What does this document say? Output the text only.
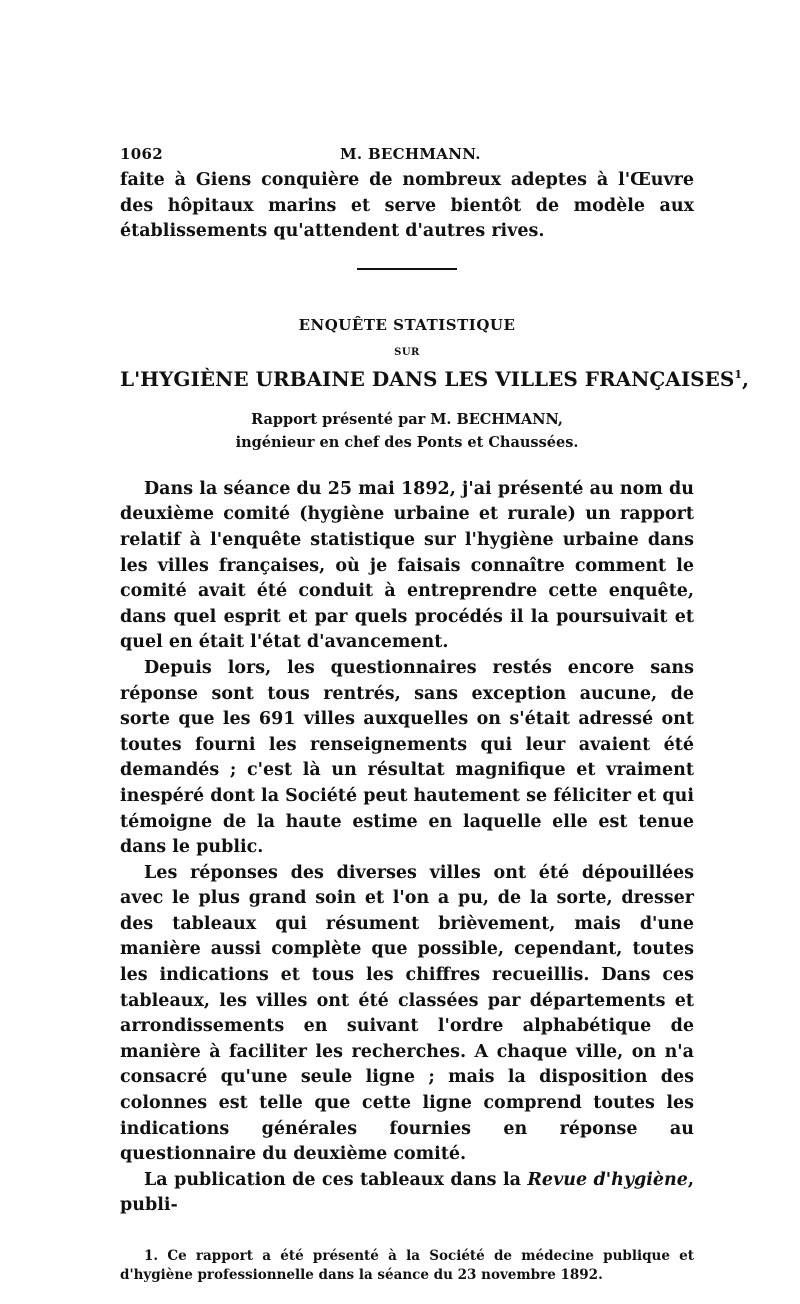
1062	M. BECHMANN.

faite à Giens conquière de nombreux adeptes à l'Œuvre des hôpitaux marins et serve bientôt de modèle aux établissements qu'attendent d'autres rives.

ENQUÊTE STATISTIQUE
SUR
L'HYGIÈNE URBAINE DANS LES VILLES FRANÇAISES$^1$,
Rapport présenté par M. BECHMANN,
ingénieur en chef des Ponts et Chaussées.

Dans la séance du 25 mai 1892, j'ai présenté au nom du deuxième comité (hygiène urbaine et rurale) un rapport relatif à l'enquête statistique sur l'hygiène urbaine dans les villes françaises, où je faisais connaître comment le comité avait été conduit à entreprendre cette enquête, dans quel esprit et par quels procédés il la poursuivait et quel en était l'état d'avancement.

Depuis lors, les questionnaires restés encore sans réponse sont tous rentrés, sans exception aucune, de sorte que les 691 villes auxquelles on s'était adressé ont toutes fourni les renseignements qui leur avaient été demandés ; c'est là un résultat magnifique et vraiment inespéré dont la Société peut hautement se féliciter et qui témoigne de la haute estime en laquelle elle est tenue dans le public.

Les réponses des diverses villes ont été dépouillées avec le plus grand soin et l'on a pu, de la sorte, dresser des tableaux qui résument brièvement, mais d'une manière aussi complète que possible, cependant, toutes les indications et tous les chiffres recueillis. Dans ces tableaux, les villes ont été classées par départements et arrondissements en suivant l'ordre alphabétique de manière à faciliter les recherches. A chaque ville, on n'a consacré qu'une seule ligne ; mais la disposition des colonnes est telle que cette ligne comprend toutes les indications générales fournies en réponse au questionnaire du deuxième comité.

La publication de ces tableaux dans la Revue d'hygiène, publi-

1. Ce rapport a été présenté à la Société de médecine publique et d'hygiène professionnelle dans la séance du 23 novembre 1892.
